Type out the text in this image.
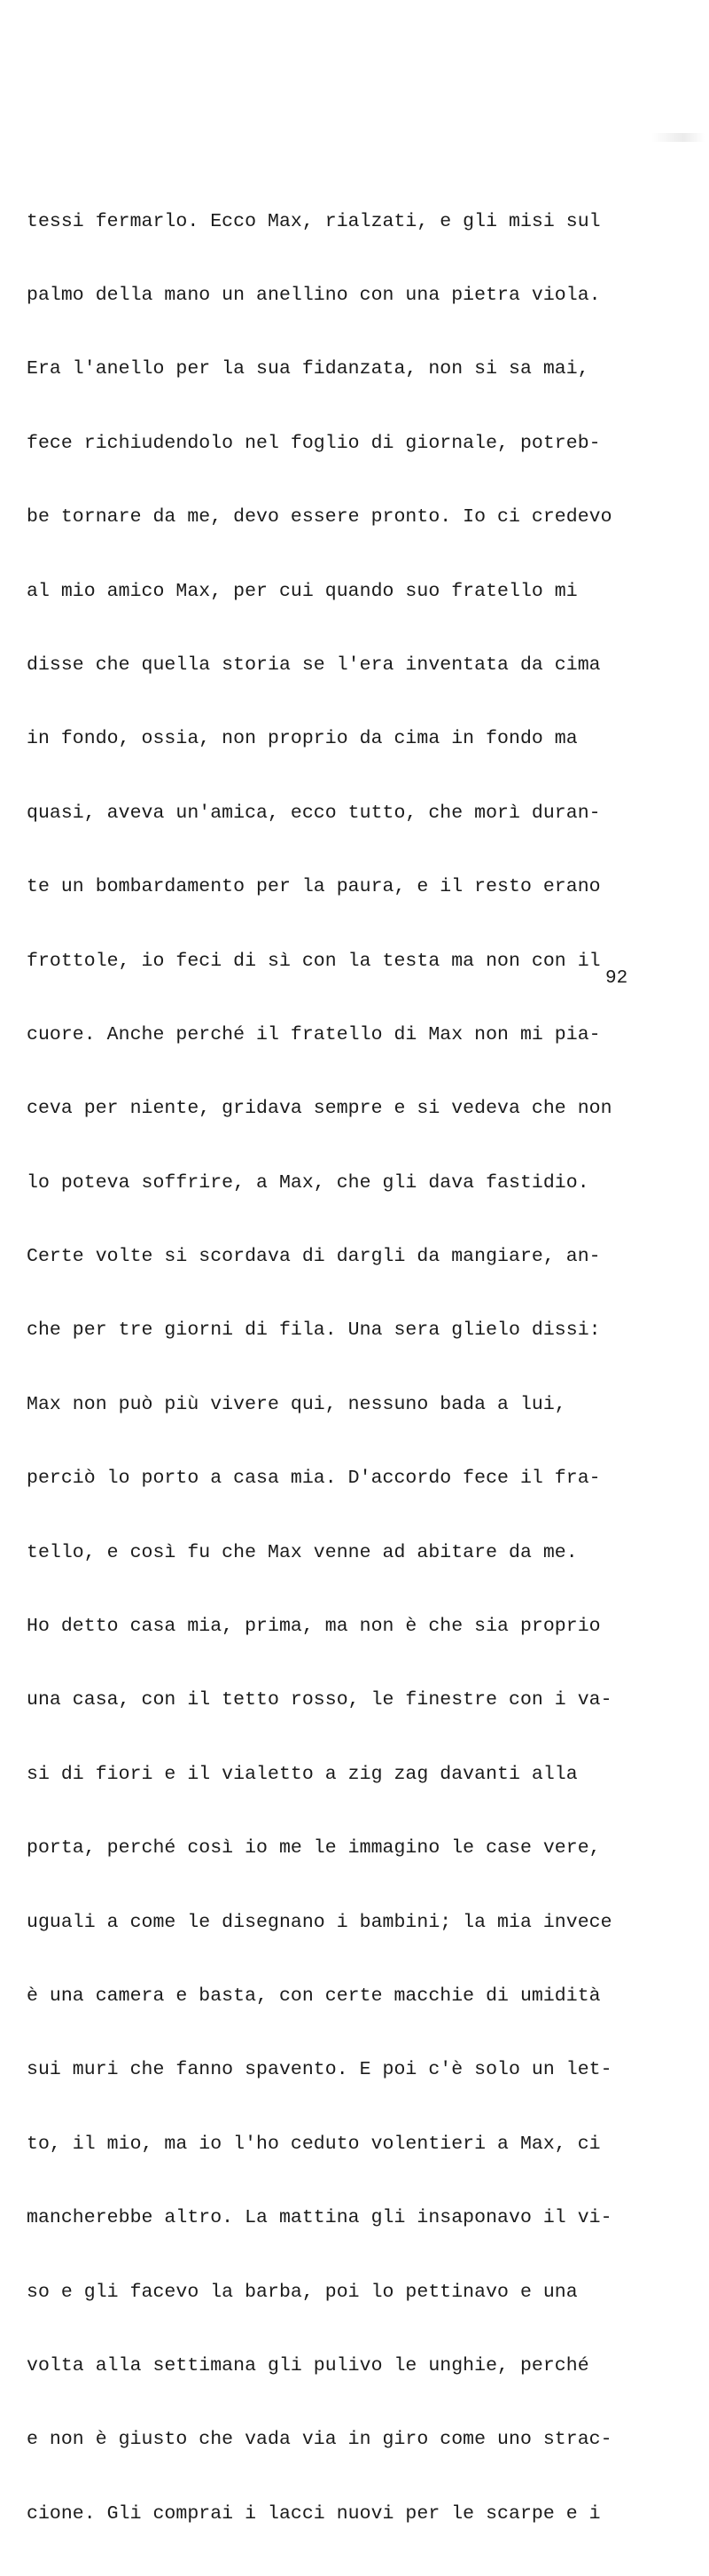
tessi fermarlo. Ecco Max, rialzati, e gli misi sul

palmo della mano un anellino con una pietra viola.

Era l'anello per la sua fidanzata, non si sa mai,

fece richiudendolo nel foglio di giornale, potreb-

be tornare da me, devo essere pronto. Io ci credevo

al mio amico Max, per cui quando suo fratello mi

disse che quella storia se l'era inventata da cima

in fondo, ossia, non proprio da cima in fondo ma

quasi, aveva un'amica, ecco tutto, che morì duran-

te un bombardamento per la paura, e il resto erano

frottole, io feci di sì con la testa ma non con il

cuore. Anche perché il fratello di Max non mi pia-

ceva per niente, gridava sempre e si vedeva che non

lo poteva soffrire, a Max, che gli dava fastidio.

Certe volte si scordava di dargli da mangiare, an-

che per tre giorni di fila. Una sera glielo dissi:

Max non può più vivere qui, nessuno bada a lui,

perciò lo porto a casa mia. D'accordo fece il fra-

tello, e così fu che Max venne ad abitare da me.

Ho detto casa mia, prima, ma non è che sia proprio

una casa, con il tetto rosso, le finestre con i va-

si di fiori e il vialetto a zig zag davanti alla

porta, perché così io me le immagino le case vere,

uguali a come le disegnano i bambini; la mia invece

è una camera e basta, con certe macchie di umidità

sui muri che fanno spavento. E poi c'è solo un let-

to, il mio, ma io l'ho ceduto volentieri a Max, ci

mancherebbe altro. La mattina gli insaponavo il vi-

so e gli facevo la barba, poi lo pettinavo e una

volta alla settimana gli pulivo le unghie, perché

e non è giusto che vada via in giro come uno strac-

cione. Gli comprai i lacci nuovi per le scarpe e i

92
